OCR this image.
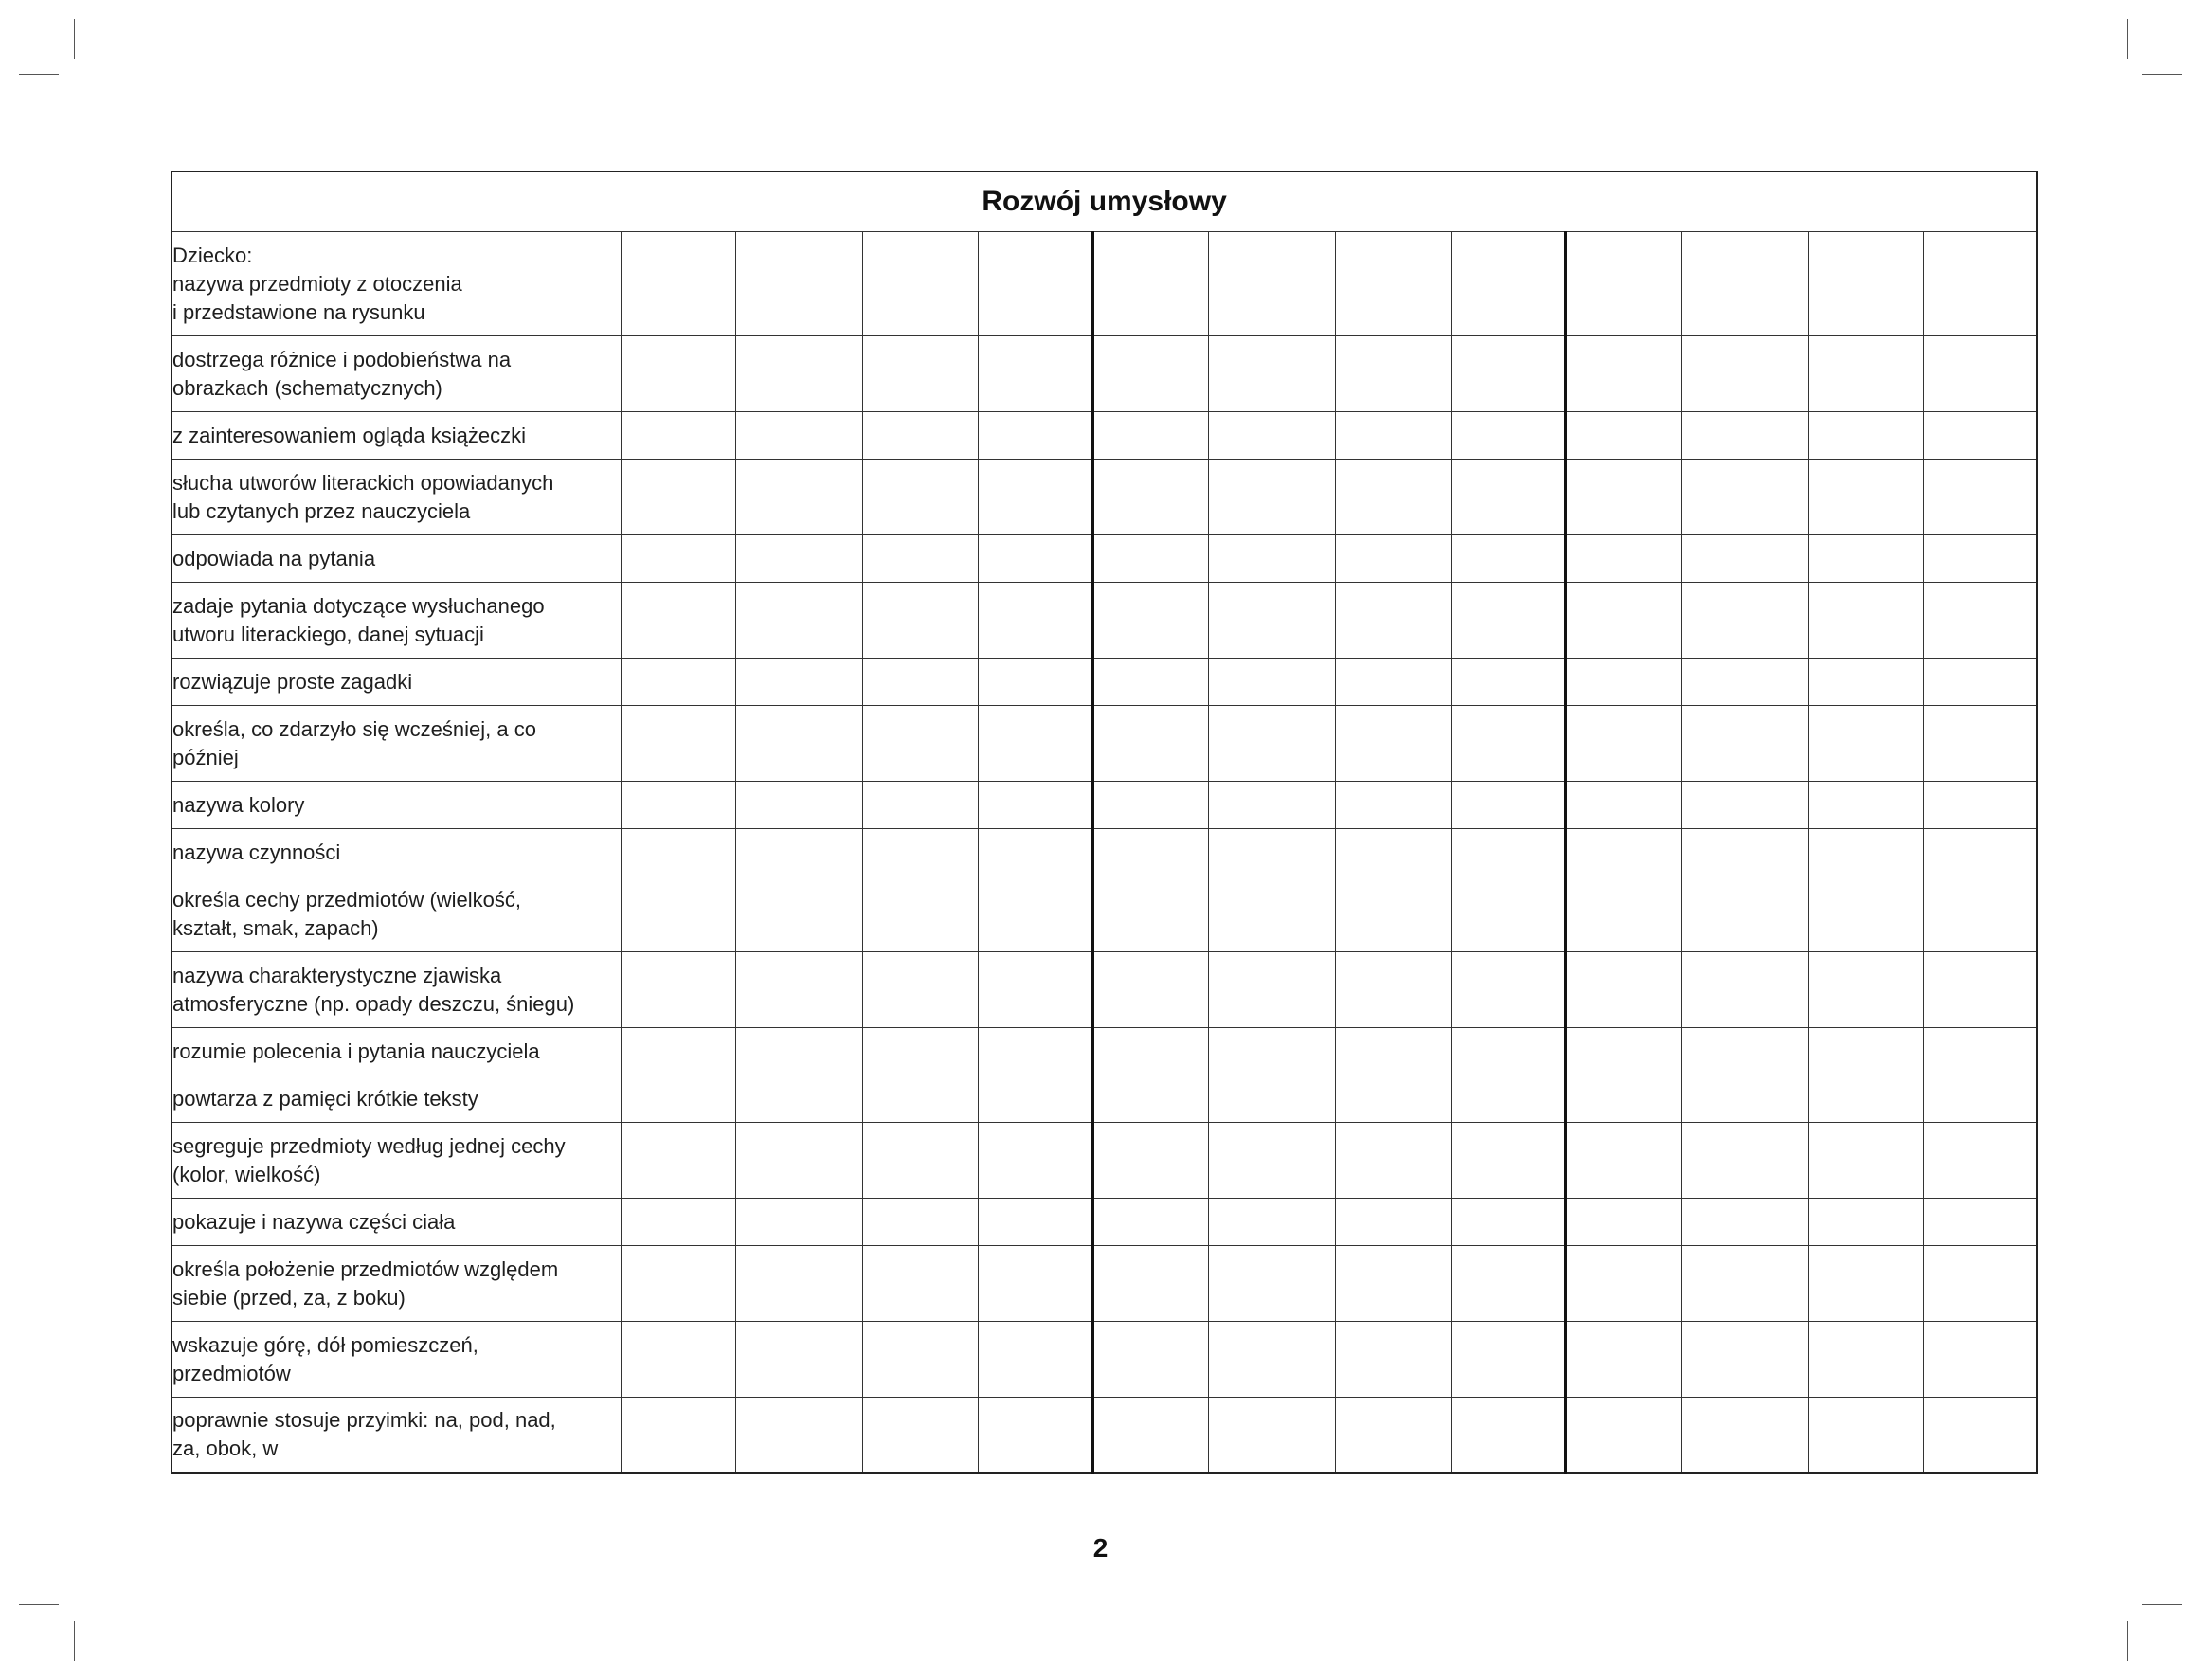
Rozwój umysłowy												
Dziecko:
nazywa przedmioty z otoczenia
i przedstawione na rysunku												
dostrzega różnice i podobieństwa na
obrazkach (schematycznych)												
z zainteresowaniem ogląda książeczki												
słucha utworów literackich opowiadanych
lub czytanych przez nauczyciela												
odpowiada na pytania												
zadaje pytania dotyczące wysłuchanego
utworu literackiego, danej sytuacji												
rozwiązuje proste zagadki												
określa, co zdarzyło się wcześniej, a co
później												
nazywa kolory												
nazywa czynności												
określa cechy przedmiotów (wielkość,
kształt, smak, zapach)												
nazywa charakterystyczne zjawiska
atmosferyczne (np. opady deszczu, śniegu)												
rozumie polecenia i pytania nauczyciela												
powtarza z pamięci krótkie teksty												
segreguje przedmioty według jednej cechy
(kolor, wielkość)												
pokazuje i nazywa części ciała												
określa położenie przedmiotów względem
siebie (przed, za, z boku)												
wskazuje górę, dół pomieszczeń,
przedmiotów												
poprawnie stosuje przyimki: na, pod, nad,
za, obok, w												
2
